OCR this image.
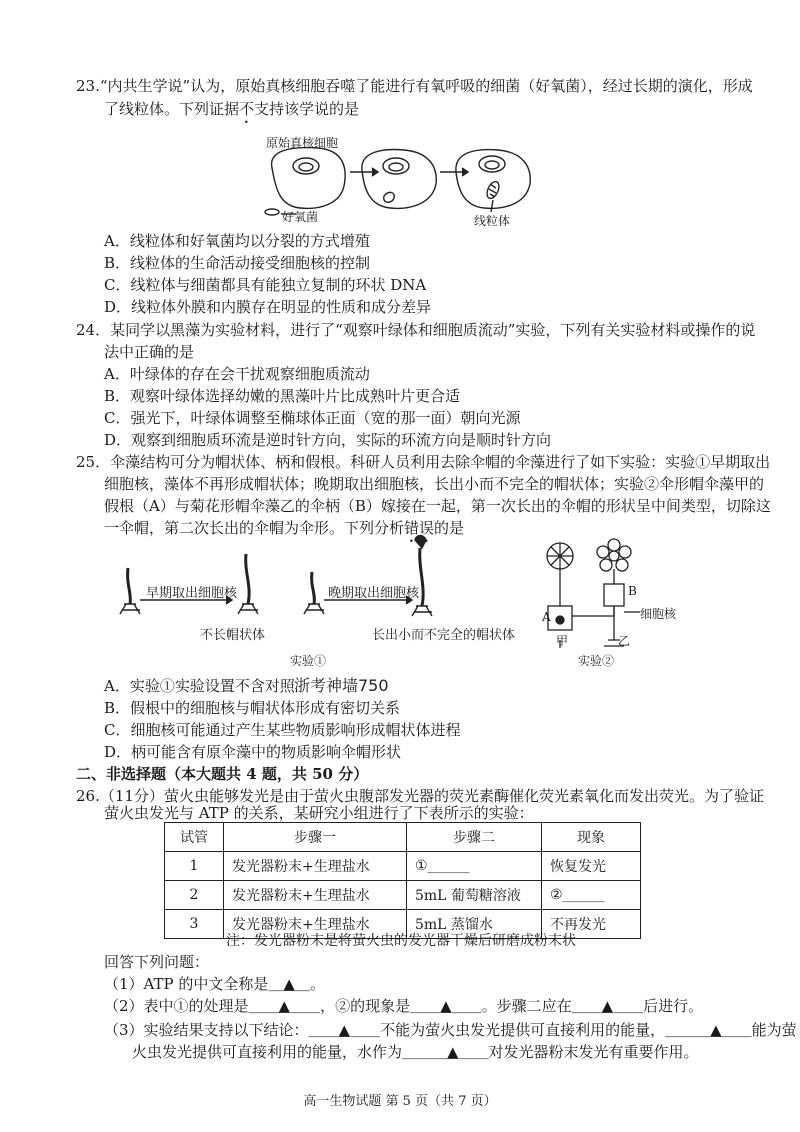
23.“内共生学说”认为，原始真核细胞吞噬了能进行有氧呼吸的细菌（好氧菌），经过长期的演化，形成
了线粒体。下列证据不支持该学说的是
原始真核细胞
好氧菌	线粒体
A．线粒体和好氧菌均以分裂的方式增殖
B．线粒体的生命活动接受细胞核的控制
C．线粒体与细菌都具有能独立复制的环状 DNA
D．线粒体外膜和内膜存在明显的性质和成分差异
24．某同学以黑藻为实验材料，进行了“观察叶绿体和细胞质流动”实验，下列有关实验材料或操作的说
法中正确的是
A．叶绿体的存在会干扰观察细胞质流动
B．观察叶绿体选择幼嫩的黑藻叶片比成熟叶片更合适
C．强光下，叶绿体调整至椭球体正面（宽的那一面）朝向光源
D．观察到细胞质环流是逆时针方向，实际的环流方向是顺时针方向
25．伞藻结构可分为帽状体、柄和假根。科研人员利用去除伞帽的伞藻进行了如下实验：实验①早期取出
细胞核，藻体不再形成帽状体；晚期取出细胞核，长出小而不完全的帽状体；实验②伞形帽伞藻甲的
假根（A）与菊花形帽伞藻乙的伞柄（B）嫁接在一起，第一次长出的伞帽的形状呈中间类型，切除这
一伞帽，第二次长出的伞帽为伞形。下列分析错误的是
早期取出细胞核
不长帽状体
晚期取出细胞核
长出小而不完全的帽状体
实验①
A
B
细胞核
甲	乙
实验②
A．实验①实验设置不含对照 浙考神墙750
B．假根中的细胞核与帽状体形成有密切关系
C．细胞核可能通过产生某些物质影响形成帽状体进程
D．柄可能含有原伞藻中的物质影响伞帽形状
二、非选择题（本大题共 4 题，共 50 分）
26.（11分）萤火虫能够发光是由于萤火虫腹部发光器的荧光素酶催化荧光素氧化而发出荧光。为了验证
萤火虫发光与 ATP 的关系，某研究小组进行了下表所示的实验：
试管	步骤一	步骤二	现象
1	发光器粉末+生理盐水	①______	恢复发光
2	发光器粉末+生理盐水	5mL 葡萄糖溶液	②______
3	发光器粉末+生理盐水	5mL 蒸馏水	不再发光
注：发光器粉末是将萤火虫的发光器干燥后研磨成粉末状
回答下列问题：
（1）ATP 的中文全称是＿▲＿。
（2）表中①的处理是＿＿▲＿＿，②的现象是＿＿▲＿＿。步骤二应在＿＿▲＿＿后进行。
（3）实验结果支持以下结论：＿＿▲＿＿不能为萤火虫发光提供可直接利用的能量，＿＿＿▲＿＿能为萤
火虫发光提供可直接利用的能量，水作为＿＿＿▲＿＿对发光器粉末发光有重要作用。
高一生物试题 第 5 页（共 7 页）
